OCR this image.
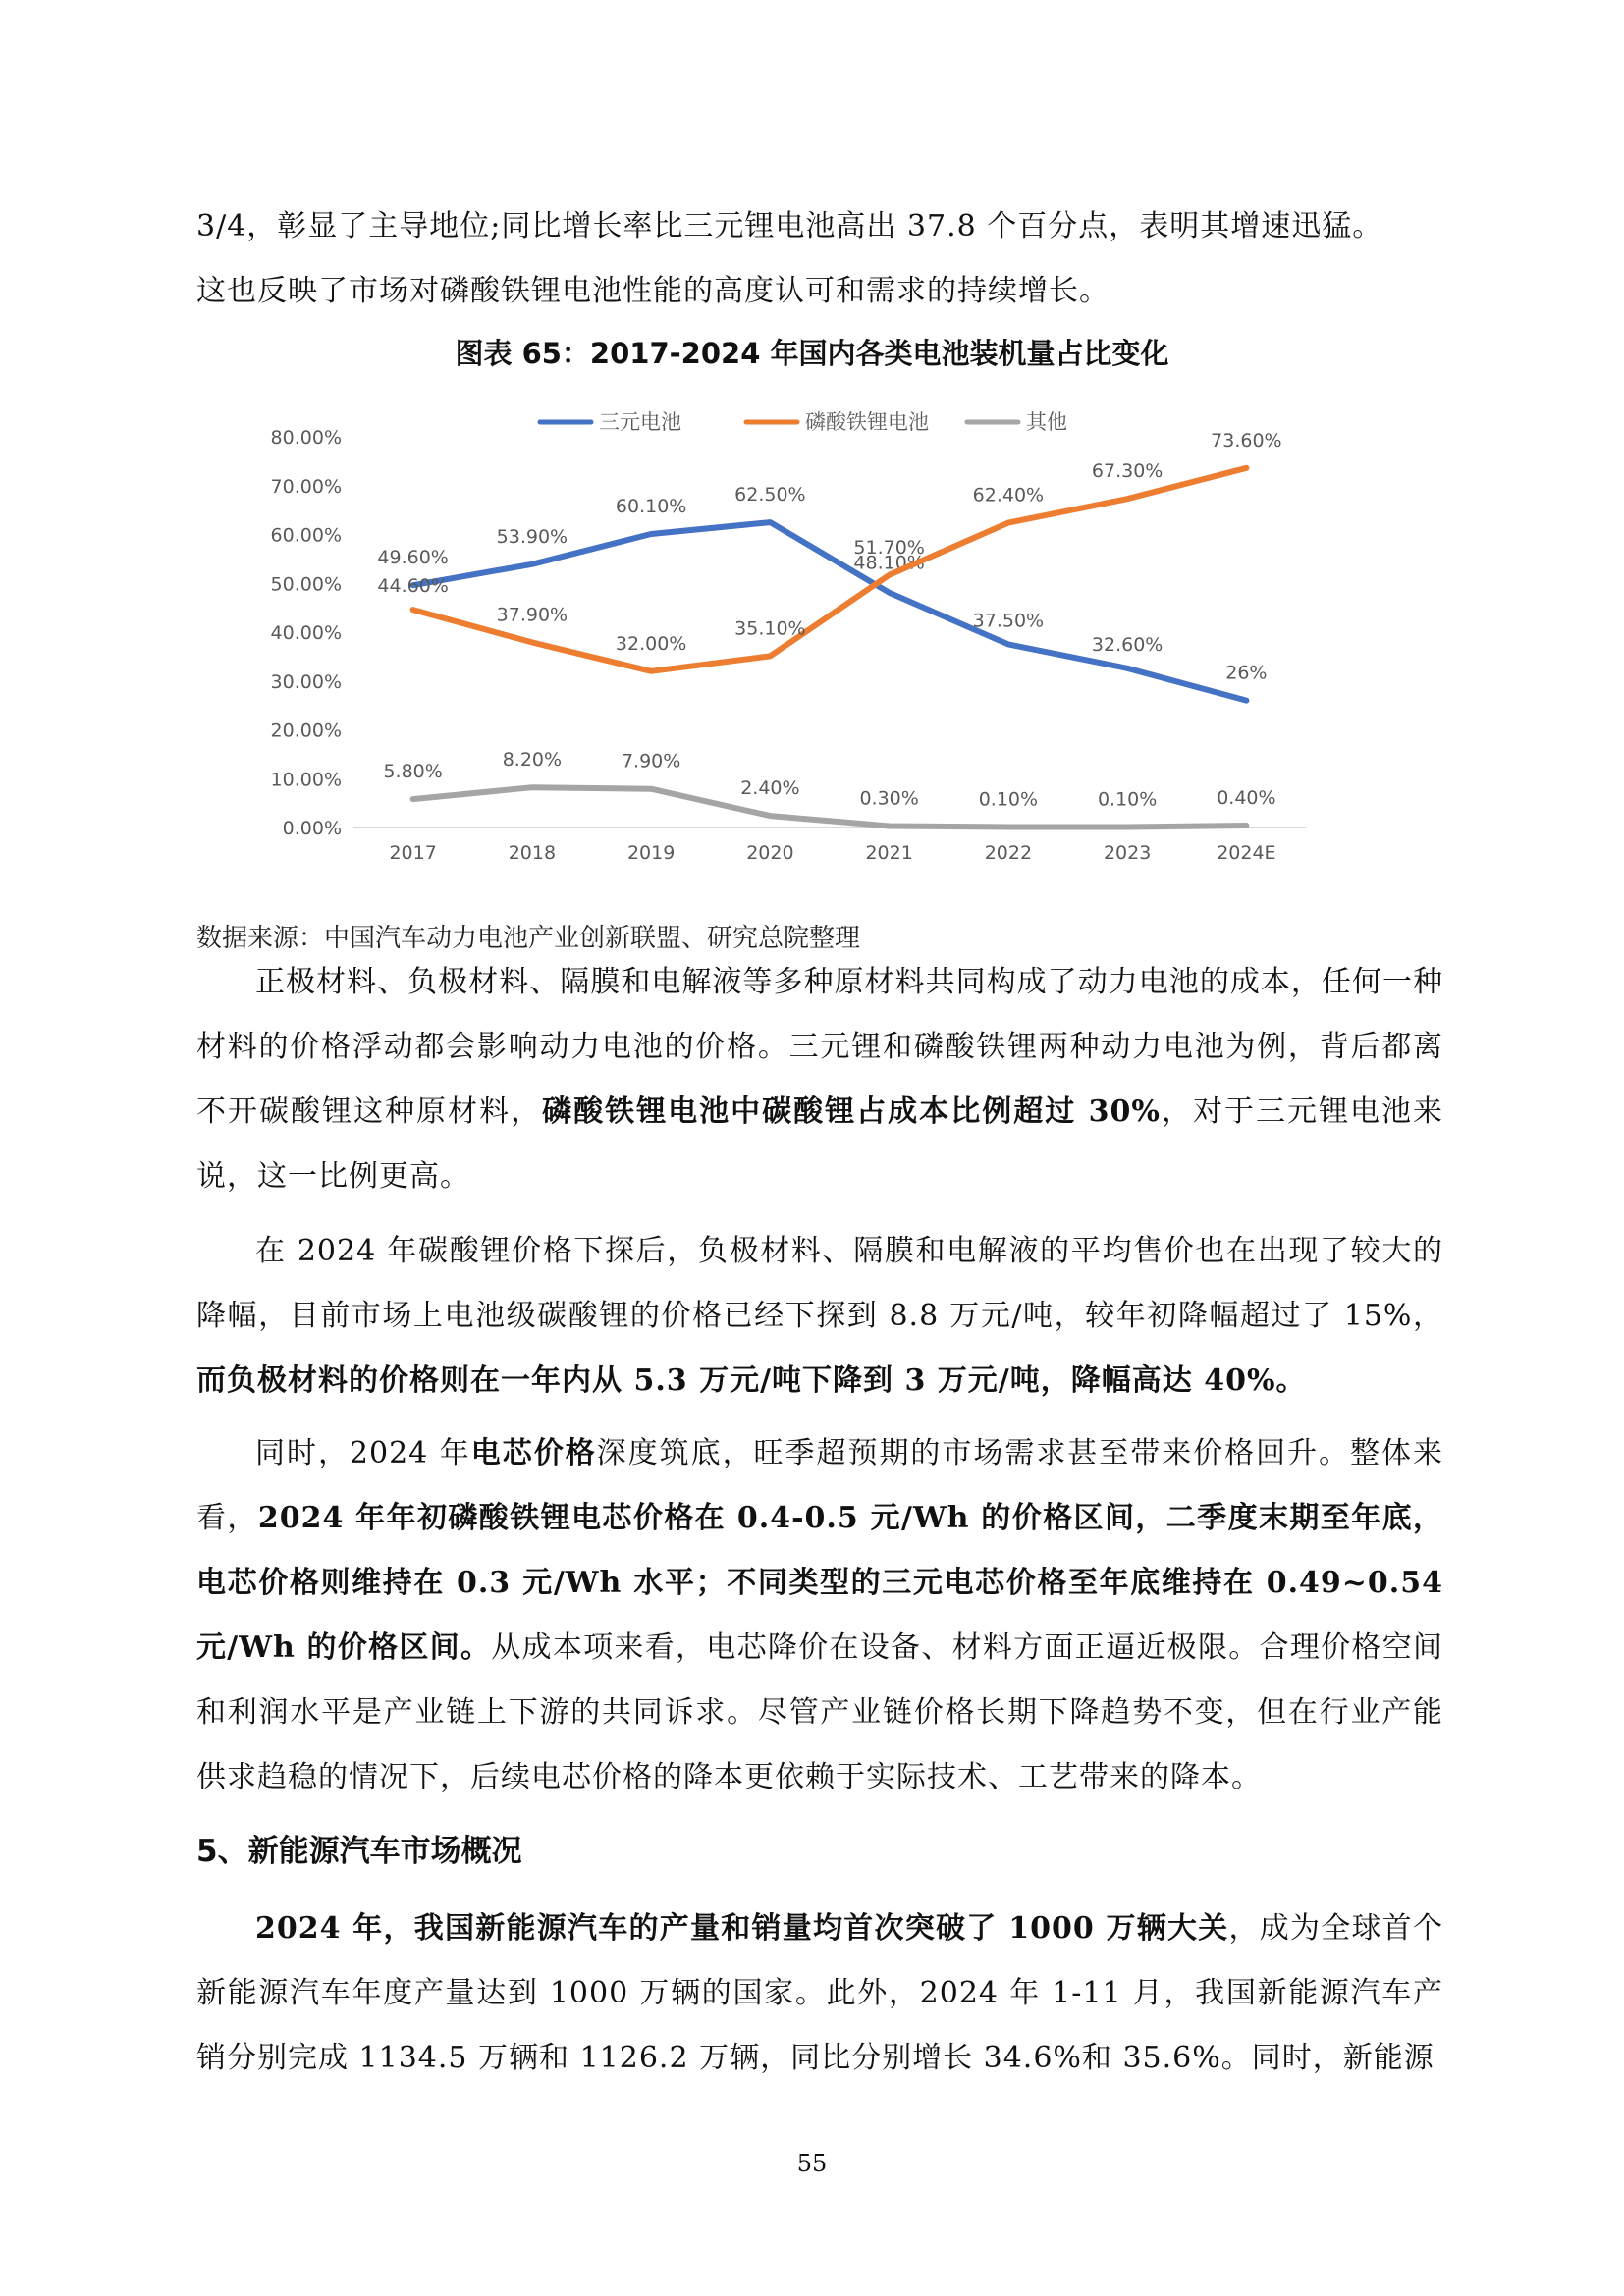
3/4，彰显了主导地位;同比增长率比三元锂电池高出 37.8 个百分点，表明其增速迅猛。
这也反映了市场对磷酸铁锂电池性能的高度认可和需求的持续增长。
图表 65：2017-2024 年国内各类电池装机量占比变化
0.00%
10.00%
20.00%
30.00%
40.00%
50.00%
60.00%
70.00%
80.00%
2017	2018	2019	2020	2021	2022	2023	2024E
三元电池	磷酸铁锂电池	其他
49.60%
53.90%
60.10%
62.50%
48.10%
37.50%
32.60%
26%
44.60%
37.90%
32.00%
35.10%
51.70%
62.40%
67.30%
73.60%
5.80%
8.20%	7.90%
2.40%	0.30%	0.10%	0.10%	0.40%
数据来源：中国汽车动力电池产业创新联盟、研究总院整理
正极材料、负极材料、隔膜和电解液等多种原材料共同构成了动力电池的成本，任何一种材料的价格浮动都会影响动力电池的价格。三元锂和磷酸铁锂两种动力电池为例，背后都离不开碳酸锂这种原材料，磷酸铁锂电池中碳酸锂占成本比例超过 30%，对于三元锂电池来说，这一比例更高。
在 2024 年碳酸锂价格下探后，负极材料、隔膜和电解液的平均售价也在出现了较大的降幅，目前市场上电池级碳酸锂的价格已经下探到 8.8 万元/吨，较年初降幅超过了 15%，而负极材料的价格则在一年内从 5.3 万元/吨下降到 3 万元/吨，降幅高达 40%。
同时，2024 年电芯价格深度筑底，旺季超预期的市场需求甚至带来价格回升。整体来看，2024 年年初磷酸铁锂电芯价格在 0.4-0.5 元/Wh 的价格区间，二季度末期至年底，电芯价格则维持在 0.3 元/Wh 水平；不同类型的三元电芯价格至年底维持在 0.49~0.54 元/Wh 的价格区间。从成本项来看，电芯降价在设备、材料方面正逼近极限。合理价格空间和利润水平是产业链上下游的共同诉求。尽管产业链价格长期下降趋势不变，但在行业产能供求趋稳的情况下，后续电芯价格的降本更依赖于实际技术、工艺带来的降本。
5、新能源汽车市场概况
2024 年，我国新能源汽车的产量和销量均首次突破了 1000 万辆大关，成为全球首个新能源汽车年度产量达到 1000 万辆的国家。此外，2024 年 1-11 月，我国新能源汽车产销分别完成 1134.5 万辆和 1126.2 万辆，同比分别增长 34.6%和 35.6%。同时，新能源
55
